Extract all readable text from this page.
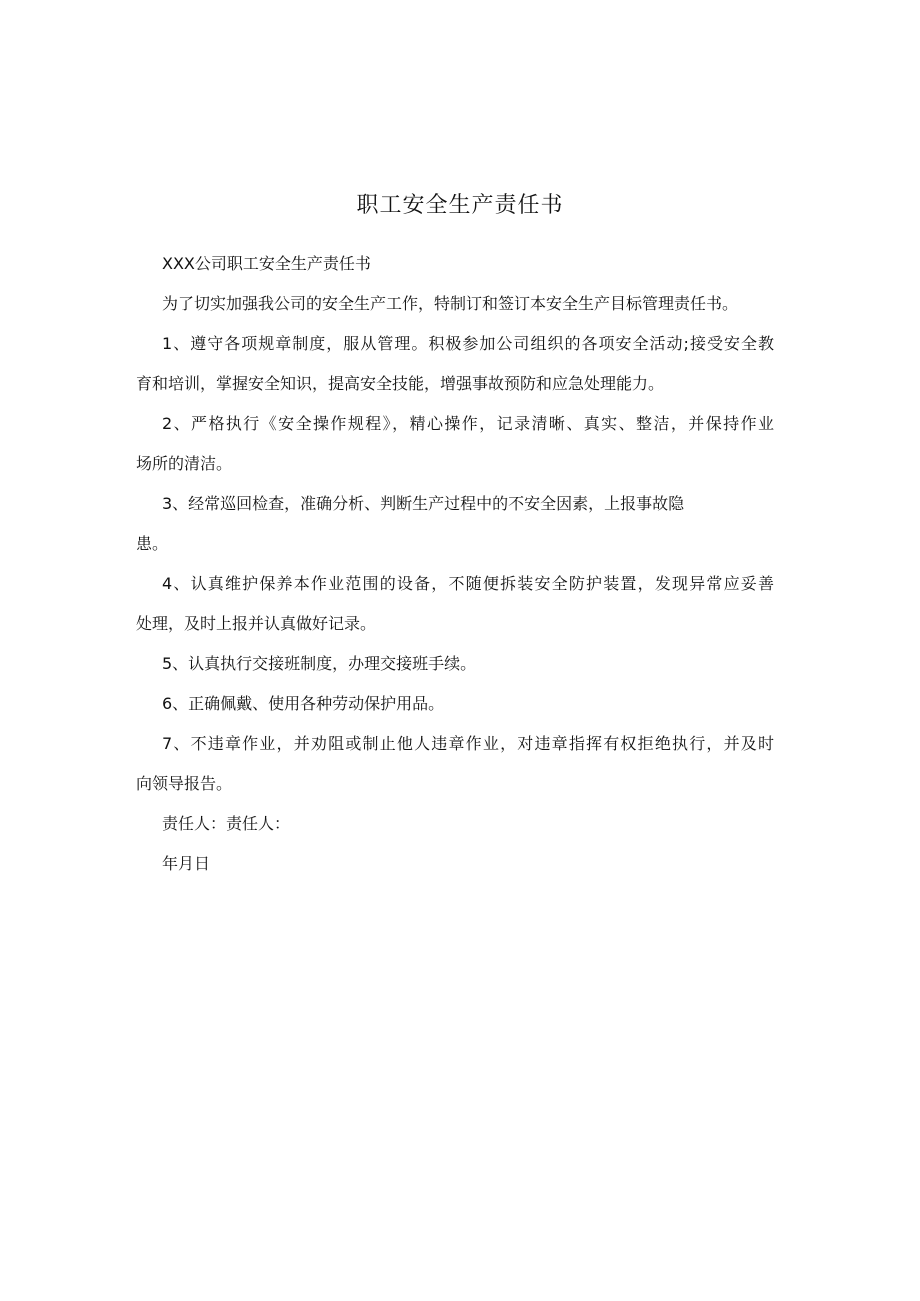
职工安全生产责任书

XXX公司职工安全生产责任书

为了切实加强我公司的安全生产工作，特制订和签订本安全生产目标管理责任书。

1、遵守各项规章制度，服从管理。积极参加公司组织的各项安全活动;接受安全教

育和培训，掌握安全知识，提高安全技能，增强事故预防和应急处理能力。

2、严格执行《安全操作规程》，精心操作，记录清晰、真实、整洁，并保持作业

场所的清洁。

3、经常巡回检查，准确分析、判断生产过程中的不安全因素，上报事故隐

患。

4、认真维护保养本作业范围的设备，不随便拆装安全防护装置，发现异常应妥善

处理，及时上报并认真做好记录。

5、认真执行交接班制度，办理交接班手续。

6、正确佩戴、使用各种劳动保护用品。

7、不违章作业，并劝阻或制止他人违章作业，对违章指挥有权拒绝执行，并及时

向领导报告。

责任人：责任人：

年月日
